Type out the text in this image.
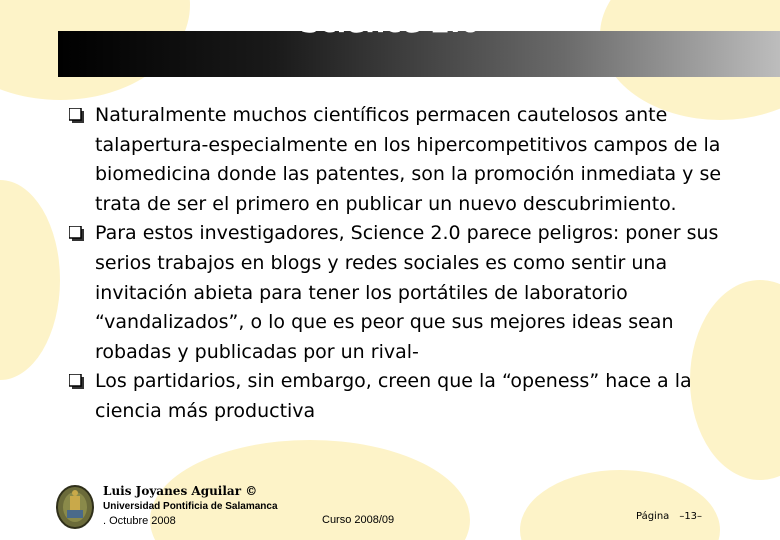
Science 2.0
Naturalmente muchos científicos permacen cautelosos ante talapertura-especialmente en los hipercompetitivos campos de la biomedicina donde las patentes, son la promoción inmediata y se trata de ser el primero en publicar un nuevo descubrimiento.
Para estos investigadores, Science 2.0 parece peligros: poner sus serios trabajos en blogs y redes sociales es como sentir una invitación abieta para tener los portátiles de laboratorio “vandalizados”, o lo que es peor que sus mejores ideas sean robadas y publicadas por un rival-
Los partidarios, sin embargo, creen que la “openess” hace a la ciencia más productiva
Luis Joyanes Aguilar ©
Universidad Pontificia de Salamanca
. Octubre 2008	Curso 2008/09	Página –13–
